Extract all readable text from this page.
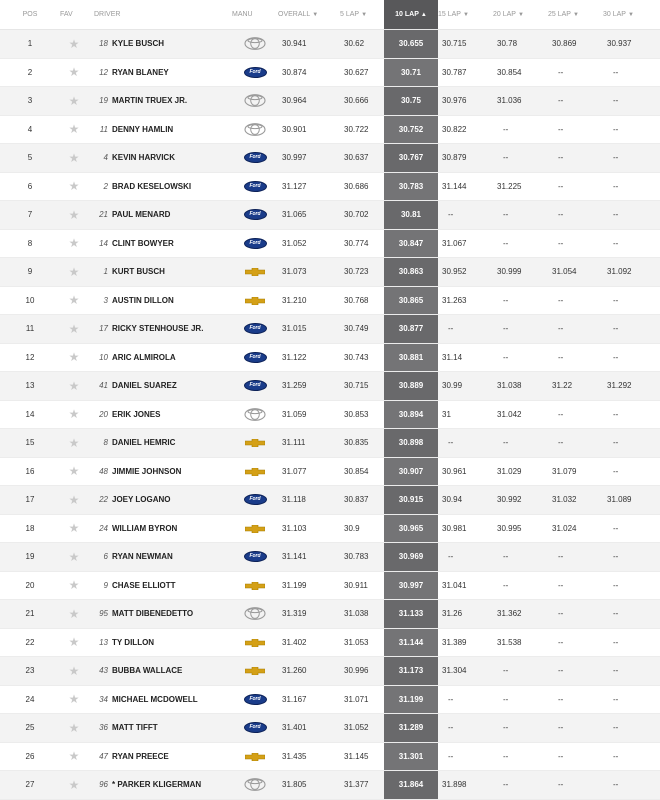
POS	FAV	DRIVER	MANU	OVERALL ▼	5 LAP ▼	10 LAP ▲	15 LAP ▼	20 LAP ▼	25 LAP ▼	30 LAP ▼
1	★	18 KYLE BUSCH		30.941	30.62	30.655	30.715	30.78	30.869	30.937
2	★	12 RYAN BLANEY	Ford	30.874	30.627	30.71	30.787	30.854	--	--
3	★	19 MARTIN TRUEX JR.		30.964	30.666	30.75	30.976	31.036	--	--
4	★	11 DENNY HAMLIN		30.901	30.722	30.752	30.822	--	--	--
5	★	4 KEVIN HARVICK	Ford	30.997	30.637	30.767	30.879	--	--	--
6	★	2 BRAD KESELOWSKI	Ford	31.127	30.686	30.783	31.144	31.225	--	--
7	★	21 PAUL MENARD	Ford	31.065	30.702	30.81	--	--	--	--
8	★	14 CLINT BOWYER	Ford	31.052	30.774	30.847	31.067	--	--	--
9	★	1 KURT BUSCH		31.073	30.723	30.863	30.952	30.999	31.054	31.092
10	★	3 AUSTIN DILLON		31.210	30.768	30.865	31.263	--	--	--
11	★	17 RICKY STENHOUSE JR.	Ford	31.015	30.749	30.877	--	--	--	--
12	★	10 ARIC ALMIROLA	Ford	31.122	30.743	30.881	31.14	--	--	--
13	★	41 DANIEL SUAREZ	Ford	31.259	30.715	30.889	30.99	31.038	31.22	31.292
14	★	20 ERIK JONES		31.059	30.853	30.894	31	31.042	--	--
15	★	8 DANIEL HEMRIC		31.111	30.835	30.898	--	--	--	--
16	★	48 JIMMIE JOHNSON		31.077	30.854	30.907	30.961	31.029	31.079	--
17	★	22 JOEY LOGANO	Ford	31.118	30.837	30.915	30.94	30.992	31.032	31.089
18	★	24 WILLIAM BYRON		31.103	30.9	30.965	30.981	30.995	31.024	--
19	★	6 RYAN NEWMAN	Ford	31.141	30.783	30.969	--	--	--	--
20	★	9 CHASE ELLIOTT		31.199	30.911	30.997	31.041	--	--	--
21	★	95 MATT DIBENEDETTO		31.319	31.038	31.133	31.26	31.362	--	--
22	★	13 TY DILLON		31.402	31.053	31.144	31.389	31.538	--	--
23	★	43 BUBBA WALLACE		31.260	30.996	31.173	31.304	--	--	--
24	★	34 MICHAEL MCDOWELL	Ford	31.167	31.071	31.199	--	--	--	--
25	★	36 MATT TIFFT	Ford	31.401	31.052	31.289	--	--	--	--
26	★	47 RYAN PREECE		31.435	31.145	31.301	--	--	--	--
27	★	96 * PARKER KLIGERMAN		31.805	31.377	31.864	31.898	--	--	--
